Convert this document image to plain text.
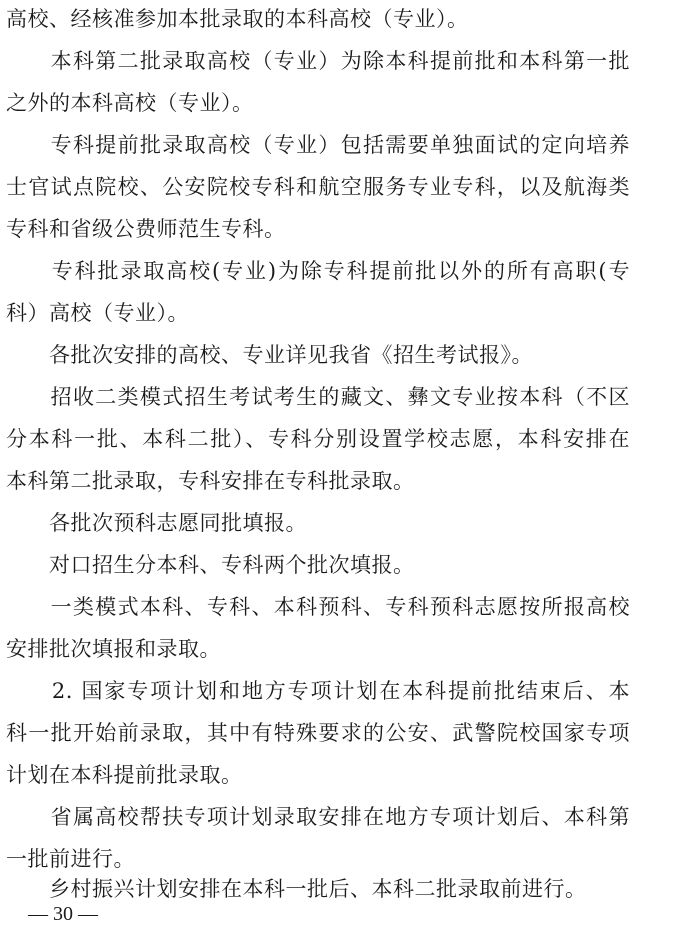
高校、经核准参加本批录取的本科高校（专业）。
　　本科第二批录取高校（专业）为除本科提前批和本科第一批
之外的本科高校（专业）。
　　专科提前批录取高校（专业）包括需要单独面试的定向培养
士官试点院校、公安院校专科和航空服务专业专科，以及航海类
专科和省级公费师范生专科。
　　专科批录取高校(专业)为除专科提前批以外的所有高职(专
科）高校（专业）。
　　各批次安排的高校、专业详见我省《招生考试报》。
　　招收二类模式招生考试考生的藏文、彝文专业按本科（不区
分本科一批、本科二批）、专科分别设置学校志愿，本科安排在
本科第二批录取，专科安排在专科批录取。
　　各批次预科志愿同批填报。
　　对口招生分本科、专科两个批次填报。
　　一类模式本科、专科、本科预科、专科预科志愿按所报高校
安排批次填报和录取。
　　2. 国家专项计划和地方专项计划在本科提前批结束后、本
科一批开始前录取，其中有特殊要求的公安、武警院校国家专项
计划在本科提前批录取。
　　省属高校帮扶专项计划录取安排在地方专项计划后、本科第
一批前进行。
　　乡村振兴计划安排在本科一批后、本科二批录取前进行。
— 30 —
